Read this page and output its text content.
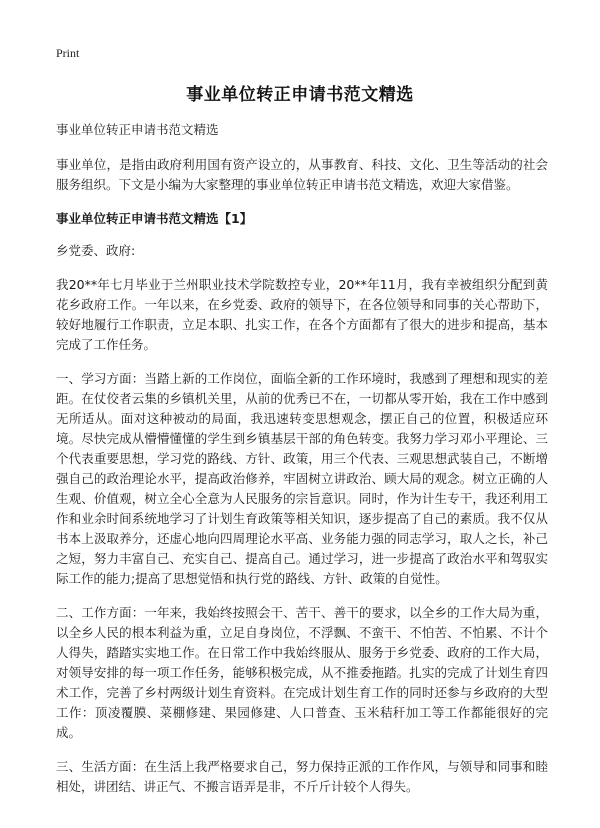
Print
事业单位转正申请书范文精选

事业单位转正申请书范文精选

事业单位，是指由政府利用国有资产设立的，从事教育、科技、文化、卫生等活动的社会服务组织。下文是小编为大家整理的事业单位转正申请书范文精选，欢迎大家借鉴。

事业单位转正申请书范文精选【1】

乡党委、政府:

我20**年七月毕业于兰州职业技术学院数控专业，20**年11月，我有幸被组织分配到黄花乡政府工作。一年以来，在乡党委、政府的领导下，在各位领导和同事的关心帮助下，较好地履行工作职责，立足本职、扎实工作，在各个方面都有了很大的进步和提高，基本完成了工作任务。

一、学习方面：当踏上新的工作岗位，面临全新的工作环境时，我感到了理想和现实的差距。在仗佼者云集的乡镇机关里，从前的优秀已不在，一切都从零开始，我在工作中感到无所适从。面对这种被动的局面，我迅速转变思想观念，摆正自己的位置，积极适应环境。尽快完成从懵懵懂懂的学生到乡镇基层干部的角色转变。我努力学习邓小平理论、三个代表重要思想，学习党的路线、方针、政策，用三个代表、三观思想武装自己，不断增强自己的政治理论水平，提高政治修养，牢固树立讲政治、顾大局的观念。树立正确的人生观、价值观，树立全心全意为人民服务的宗旨意识。同时，作为计生专干，我还利用工作和业余时间系统地学习了计划生育政策等相关知识，逐步提高了自己的素质。我不仅从书本上汲取养分，还虚心地向四周理论水平高、业务能力强的同志学习，取人之长，补己之短，努力丰富自己、充实自己、提高自己。通过学习，进一步提高了政治水平和驾驭实际工作的能力;提高了思想觉悟和执行党的路线、方针、政策的自觉性。

二、工作方面：一年来，我始终按照会干、苦干、善干的要求，以全乡的工作大局为重，以全乡人民的根本利益为重，立足自身岗位，不浮飘、不蛮干、不怕苦、不怕累、不计个人得失，踏踏实实地工作。在日常工作中我始终服从、服务于乡党委、政府的工作大局，对领导安排的每一项工作任务，能够积极完成，从不推委拖踏。扎实的完成了计划生育四术工作，完善了乡村两级计划生育资料。在完成计划生育工作的同时还参与乡政府的大型工作：顶凌覆膜、菜棚修建、果园修建、人口普查、玉米秸秆加工等工作都能很好的完成。

三、生活方面：在生活上我严格要求自己，努力保持正派的工作作风，与领导和同事和睦相处，讲团结、讲正气、不搬言语弄是非，不斤斤计较个人得失。
